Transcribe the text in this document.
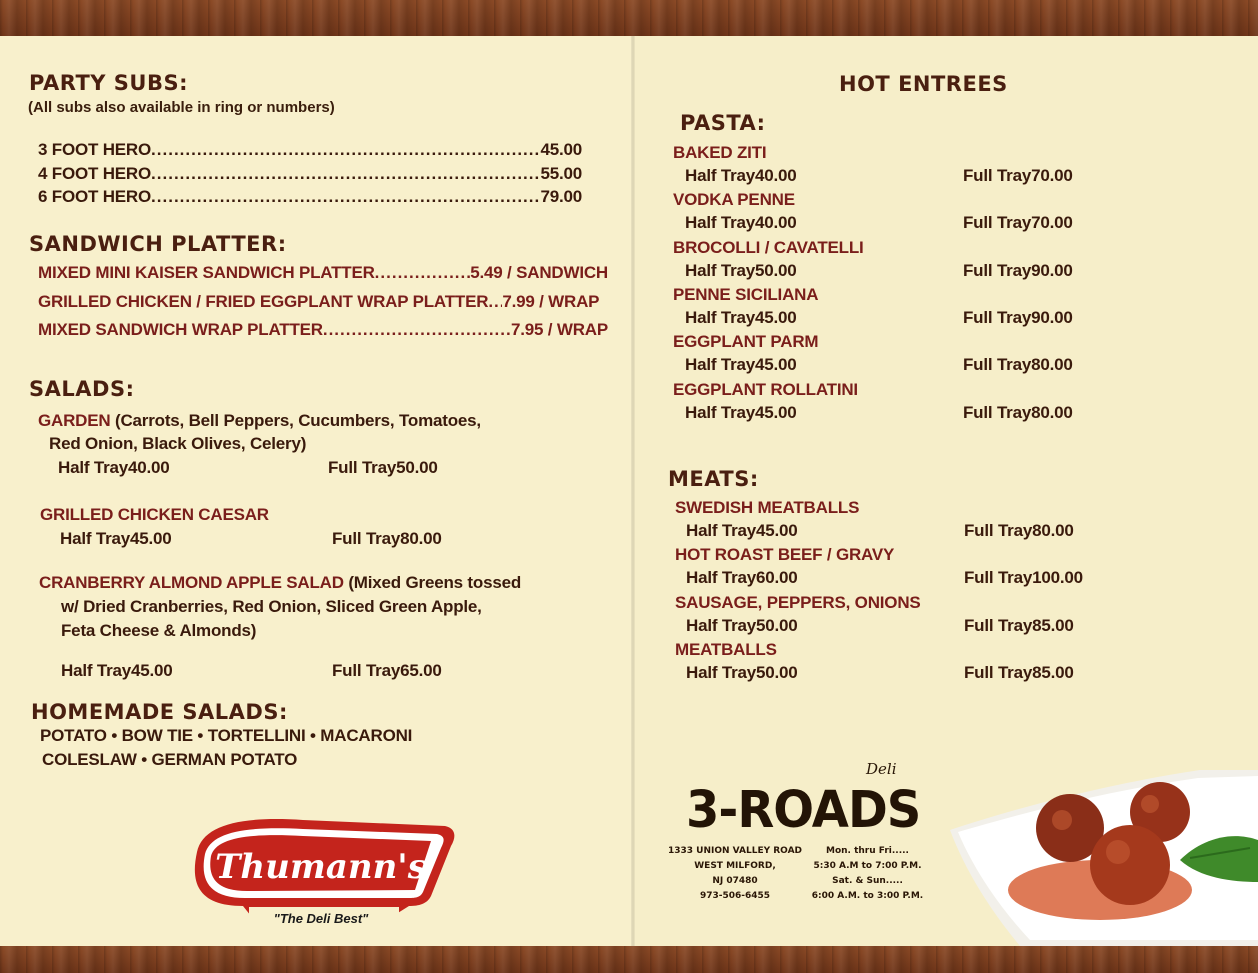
PARTY SUBS:
(All subs also available in ring or numbers)
3 FOOT HERO .....	45.00
4 FOOT HERO .....	55.00
6 FOOT HERO .....	79.00
SANDWICH PLATTER:
MIXED MINI KAISER SANDWICH PLATTER .....	5.49 / SANDWICH
GRILLED CHICKEN / FRIED EGGPLANT WRAP PLATTER ..... 7.99 / WRAP
MIXED SANDWICH WRAP PLATTER .....	7.95 / WRAP
SALADS:
GARDEN (Carrots, Bell Peppers, Cucumbers, Tomatoes,
Red Onion, Black Olives, Celery)
Half Tray 40.00	Full Tray 50.00
GRILLED CHICKEN CAESAR
Half Tray 45.00	Full Tray 80.00
CRANBERRY ALMOND APPLE SALAD (Mixed Greens tossed
w/ Dried Cranberries, Red Onion, Sliced Green Apple,
Feta Cheese & Almonds)
Half Tray 45.00	Full Tray 65.00
HOMEMADE SALADS:
POTATO • BOW TIE • TORTELLINI • MACARONI
COLESLAW • GERMAN POTATO
Thumann's
"The Deli Best"
HOT ENTREES
PASTA:
BAKED ZITI
Half Tray 40.00	Full Tray 70.00
VODKA PENNE
Half Tray 40.00	Full Tray 70.00
BROCOLLI / CAVATELLI
Half Tray 50.00	Full Tray 90.00
PENNE SICILIANA
Half Tray 45.00	Full Tray 90.00
EGGPLANT PARM
Half Tray 45.00	Full Tray 80.00
EGGPLANT ROLLATINI
Half Tray 45.00	Full Tray 80.00
MEATS:
SWEDISH MEATBALLS
Half Tray 45.00	Full Tray 80.00
HOT ROAST BEEF / GRAVY
Half Tray 60.00	Full Tray 100.00
SAUSAGE, PEPPERS, ONIONS
Half Tray 50.00	Full Tray 85.00
MEATBALLS
Half Tray 50.00	Full Tray 85.00
Deli
3-ROADS
1333 UNION VALLEY ROAD
WEST MILFORD,
NJ 07480
973-506-6455
Mon. thru Fri.....
5:30 A.M to 7:00 P.M.
Sat. & Sun.....
6:00 A.M. to 3:00 P.M.
